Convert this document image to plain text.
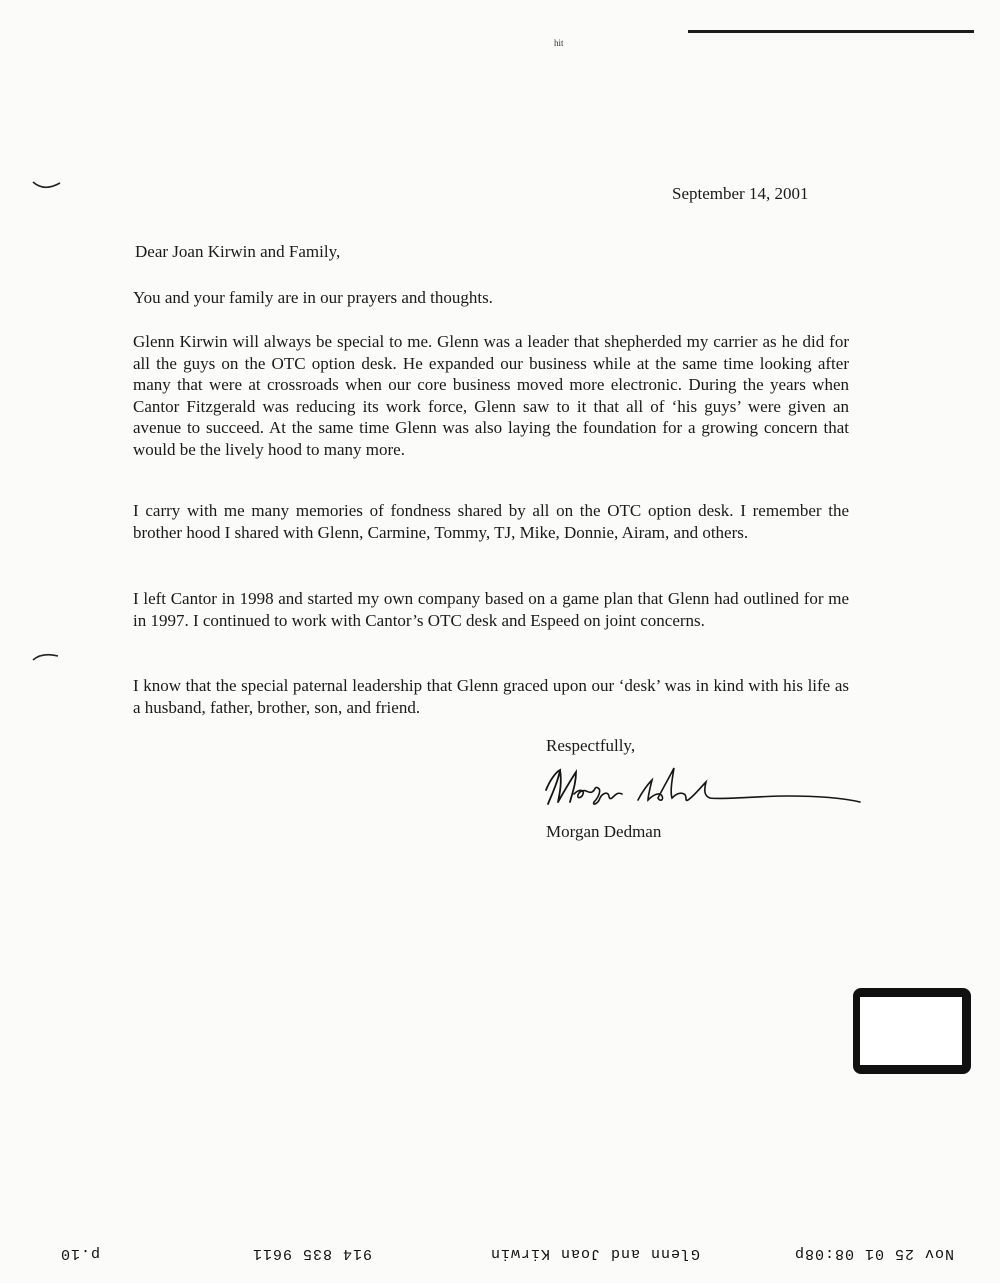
hit
September 14, 2001
Dear Joan Kirwin and Family,

You and your family are in our prayers and thoughts.

Glenn Kirwin will always be special to me. Glenn was a leader that shepherded my carrier as he did for all the guys on the OTC option desk. He expanded our business while at the same time looking after many that were at crossroads when our core business moved more electronic. During the years when Cantor Fitzgerald was reducing its work force, Glenn saw to it that all of ‘his guys’ were given an avenue to succeed. At the same time Glenn was also laying the foundation for a growing concern that would be the lively hood to many more.

I carry with me many memories of fondness shared by all on the OTC option desk. I remember the brother hood I shared with Glenn, Carmine, Tommy, TJ, Mike, Donnie, Airam, and others.

I left Cantor in 1998 and started my own company based on a game plan that Glenn had outlined for me in 1997. I continued to work with Cantor’s OTC desk and Espeed on joint concerns.

I know that the special paternal leadership that Glenn graced upon our ‘desk’ was in kind with his life as a husband, father, brother, son, and friend.

Respectfully,
Morgan Dedman
Nov 25 01 08:08p
Glenn and Joan Kirwin
914 835 9611
p.10
